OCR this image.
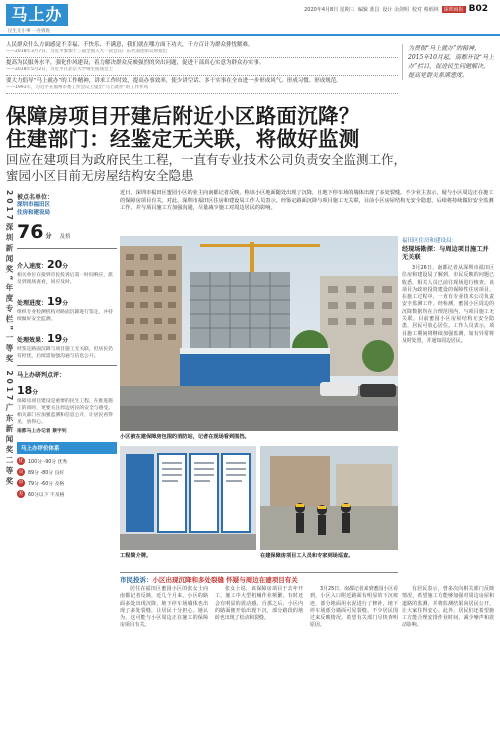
马上办
民生无小事 一办到底
2020年4月8日 星期三 编辑 蓝昌 设计 余剑明 校对 蔡炳林	深圳商报 B02
人民群众什么方面感觉不幸福、不快乐、不满意，我们就在哪方面下功夫，千方百计为群众排忧解难。
——2018年3月7日，习近平参加十三届全国人大一次会议广东代表团审议时指出
提高为民服务水平，强化作风建设，着力解决群众反映强烈的突出问题，促进干部真心实意为群众办实事。
——2018年5月2日，习近平在北京大学师生座谈会上
要大力倡导“马上就办”的工作精神，讲求工作时效，提高办事效率，使少讲空话、多干实事在全市进一步形成风气、形成习惯、形成规范。
——1991年，习近平在福州市委工作会议上提出“马上就办”的工作作风
为贯彻“马上就办”的精神，2015年10月起，南都开设“马上办”栏目，促进民生问题解决，提高党群关系满意度。
保障房项目开建后附近小区路面沉降？
住建部门：经鉴定无关联，将做好监测
回应在建项目为政府民生工程，一直有专业技术公司负责安全监测工作，
蜜园小区目前无房屋结构安全隐患
2017深圳新闻奖“年度专栏”一等奖 2017广东新闻奖二等奖 被点名单位：
深圳市福田区
住房和建设局
76 分 及格
介入速度：20分
相关单位在接到市民投诉后第一时间响应，派员到现场查看，回应及时。
处理进度：19分
组织专业检测机构对路面沉降进行鉴定，并持续做好安全监测。
处理效果：19分
经鉴定路面沉降与项目施工无关联，但居民仍有担忧，后续需加强沟通与信息公开。
马上办研判点评：
18分
保障房项目建设是重要的民生工程，在推进施工的同时，更要关注周边居民的安全与感受。相关部门应加强监测和信息公开，让居民看得见、放得心。
南都马上办记者 蔡宇钊
马上办评价体系
优 100分 -90分 优秀
良 89分 -80分 良好
中 79分 -60分 及格
差 60分以下 不及格
近日，深圳市福田区蜜园小区的业主向南都记者反映，称该小区地面随处出现了沉降，且地下停车场的墙体出现了多处裂缝。不少业主表示，疑与小区周边正在施工的保障房项目有关。对此，深圳市福田区住房和建设局工作人员表示，经鉴定路面沉降与项目施工无关联，目前小区房屋结构无安全隐患，后续将持续做好安全监测工作，并与项目施工方加强沟通，尽量减少施工对周边居民的影响。
小区被在建保障房包围的消防站，记者在现场看到围挡。
工程简介牌。	在建保障房项目工人员和专家到场巡查。
福田区住房和建设局：
经现场勘探：与周边项目施工并无关联
3月26日，南都记者从深圳市福田区住房和建设局了解到，市民反映的问题已收悉，相关人员已前往现场进行核查。该项目为政府投资建设的保障性住房项目，在施工过程中，一直有专业技术公司负责安全监测工作。经检测，蜜园小区周边的沉降数据均在合理范围内，与项目施工无关联。目前蜜园小区房屋结构无安全隐患，居民可放心居住。工作人员表示，项目施工期间将继续加强监测，如有异常将及时处置，并通知周边居民。
市民投诉：小区出现沉降和多处裂缝 怀疑与周边在建项目有关

居住在福田区蜜园小区的张女士向南都记者反映，近几个月来，小区的路面多处出现沉降，地下停车场墙体也出现了多处裂缝，让居民十分担心。她认为，这可能与小区周边正在施工的保障房项目有关。

张女士说，该保障房项目于去年开工，施工中大型机械作业频繁，有时还会有明显的震动感。自那之后，小区内的路面便开始出现下沉，部分路段的地砖也出现了松动和裂缝。

3月25日，南都记者来到蜜园小区看到，小区入口附近路面有明显的下沉痕迹，部分地面用水泥进行了修补，地下停车场部分墙面可见裂缝。不少居民围过来反映情况，希望有关部门尽快查明原因。

有居民表示，曾多次向相关部门反映情况，希望施工方能够加强对周边房屋和道路的监测，并将监测结果向居民公开，让大家住得安心。此外，居民们还希望施工方能合理安排作业时间，减少噪声和震动影响。
